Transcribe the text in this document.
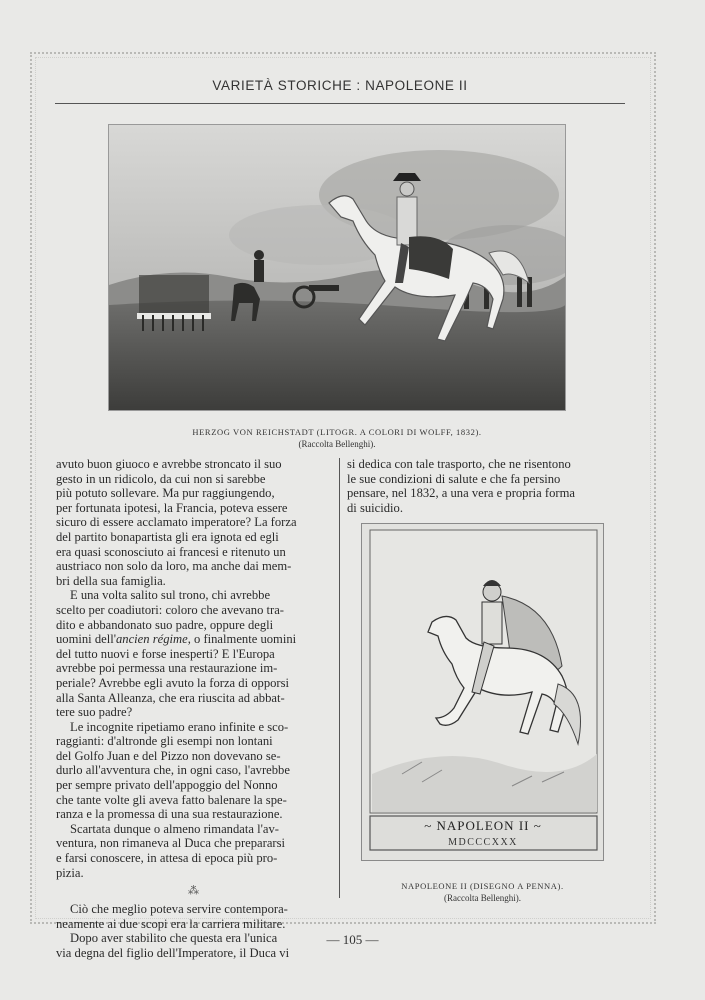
VARIETÀ STORICHE : NAPOLEONE II
HERZOG VON REICHSTADT (LITOGR. A COLORI DI WOLFF, 1832).
(Raccolta Bellenghi).

avuto buon giuoco e avrebbe stroncato il suo
gesto in un ridicolo, da cui non si sarebbe
più potuto sollevare. Ma pur raggiungendo,
per fortunata ipotesi, la Francia, poteva essere
sicuro di essere acclamato imperatore? La forza
del partito bonapartista gli era ignota ed egli
era quasi sconosciuto ai francesi e ritenuto un
austriaco non solo da loro, ma anche dai mem-
bri della sua famiglia.

E una volta salito sul trono, chi avrebbe
scelto per coadiutori: coloro che avevano tra-
dito e abbandonato suo padre, oppure degli
uomini dell'ancien régime, o finalmente uomini
del tutto nuovi e forse inesperti? E l'Europa
avrebbe poi permessa una restaurazione im-
periale? Avrebbe egli avuto la forza di opporsi
alla Santa Alleanza, che era riuscita ad abbat-
tere suo padre?

Le incognite ripetiamo erano infinite e sco-
raggianti: d'altronde gli esempi non lontani
del Golfo Juan e del Pizzo non dovevano se-
durlo all'avventura che, in ogni caso, l'avrebbe
per sempre privato dell'appoggio del Nonno
che tante volte gli aveva fatto balenare la spe-
ranza e la promessa di una sua restaurazione.

Scartata dunque o almeno rimandata l'av-
ventura, non rimaneva al Duca che prepararsi
e farsi conoscere, in attesa di epoca più pro-
pizia.

⁂

Ciò che meglio poteva servire contempora-
neamente ai due scopi era la carriera militare.

Dopo aver stabilito che questa era l'unica
via degna del figlio dell'Imperatore, il Duca vi

si dedica con tale trasporto, che ne risentono
le sue condizioni di salute e che fa persino
pensare, nel 1832, a una vera e propria forma
di suicidio.
~ NAPOLEON II ~
MDCCCXXX
NAPOLEONE II (DISEGNO A PENNA).
(Raccolta Bellenghi).
— 105 —
